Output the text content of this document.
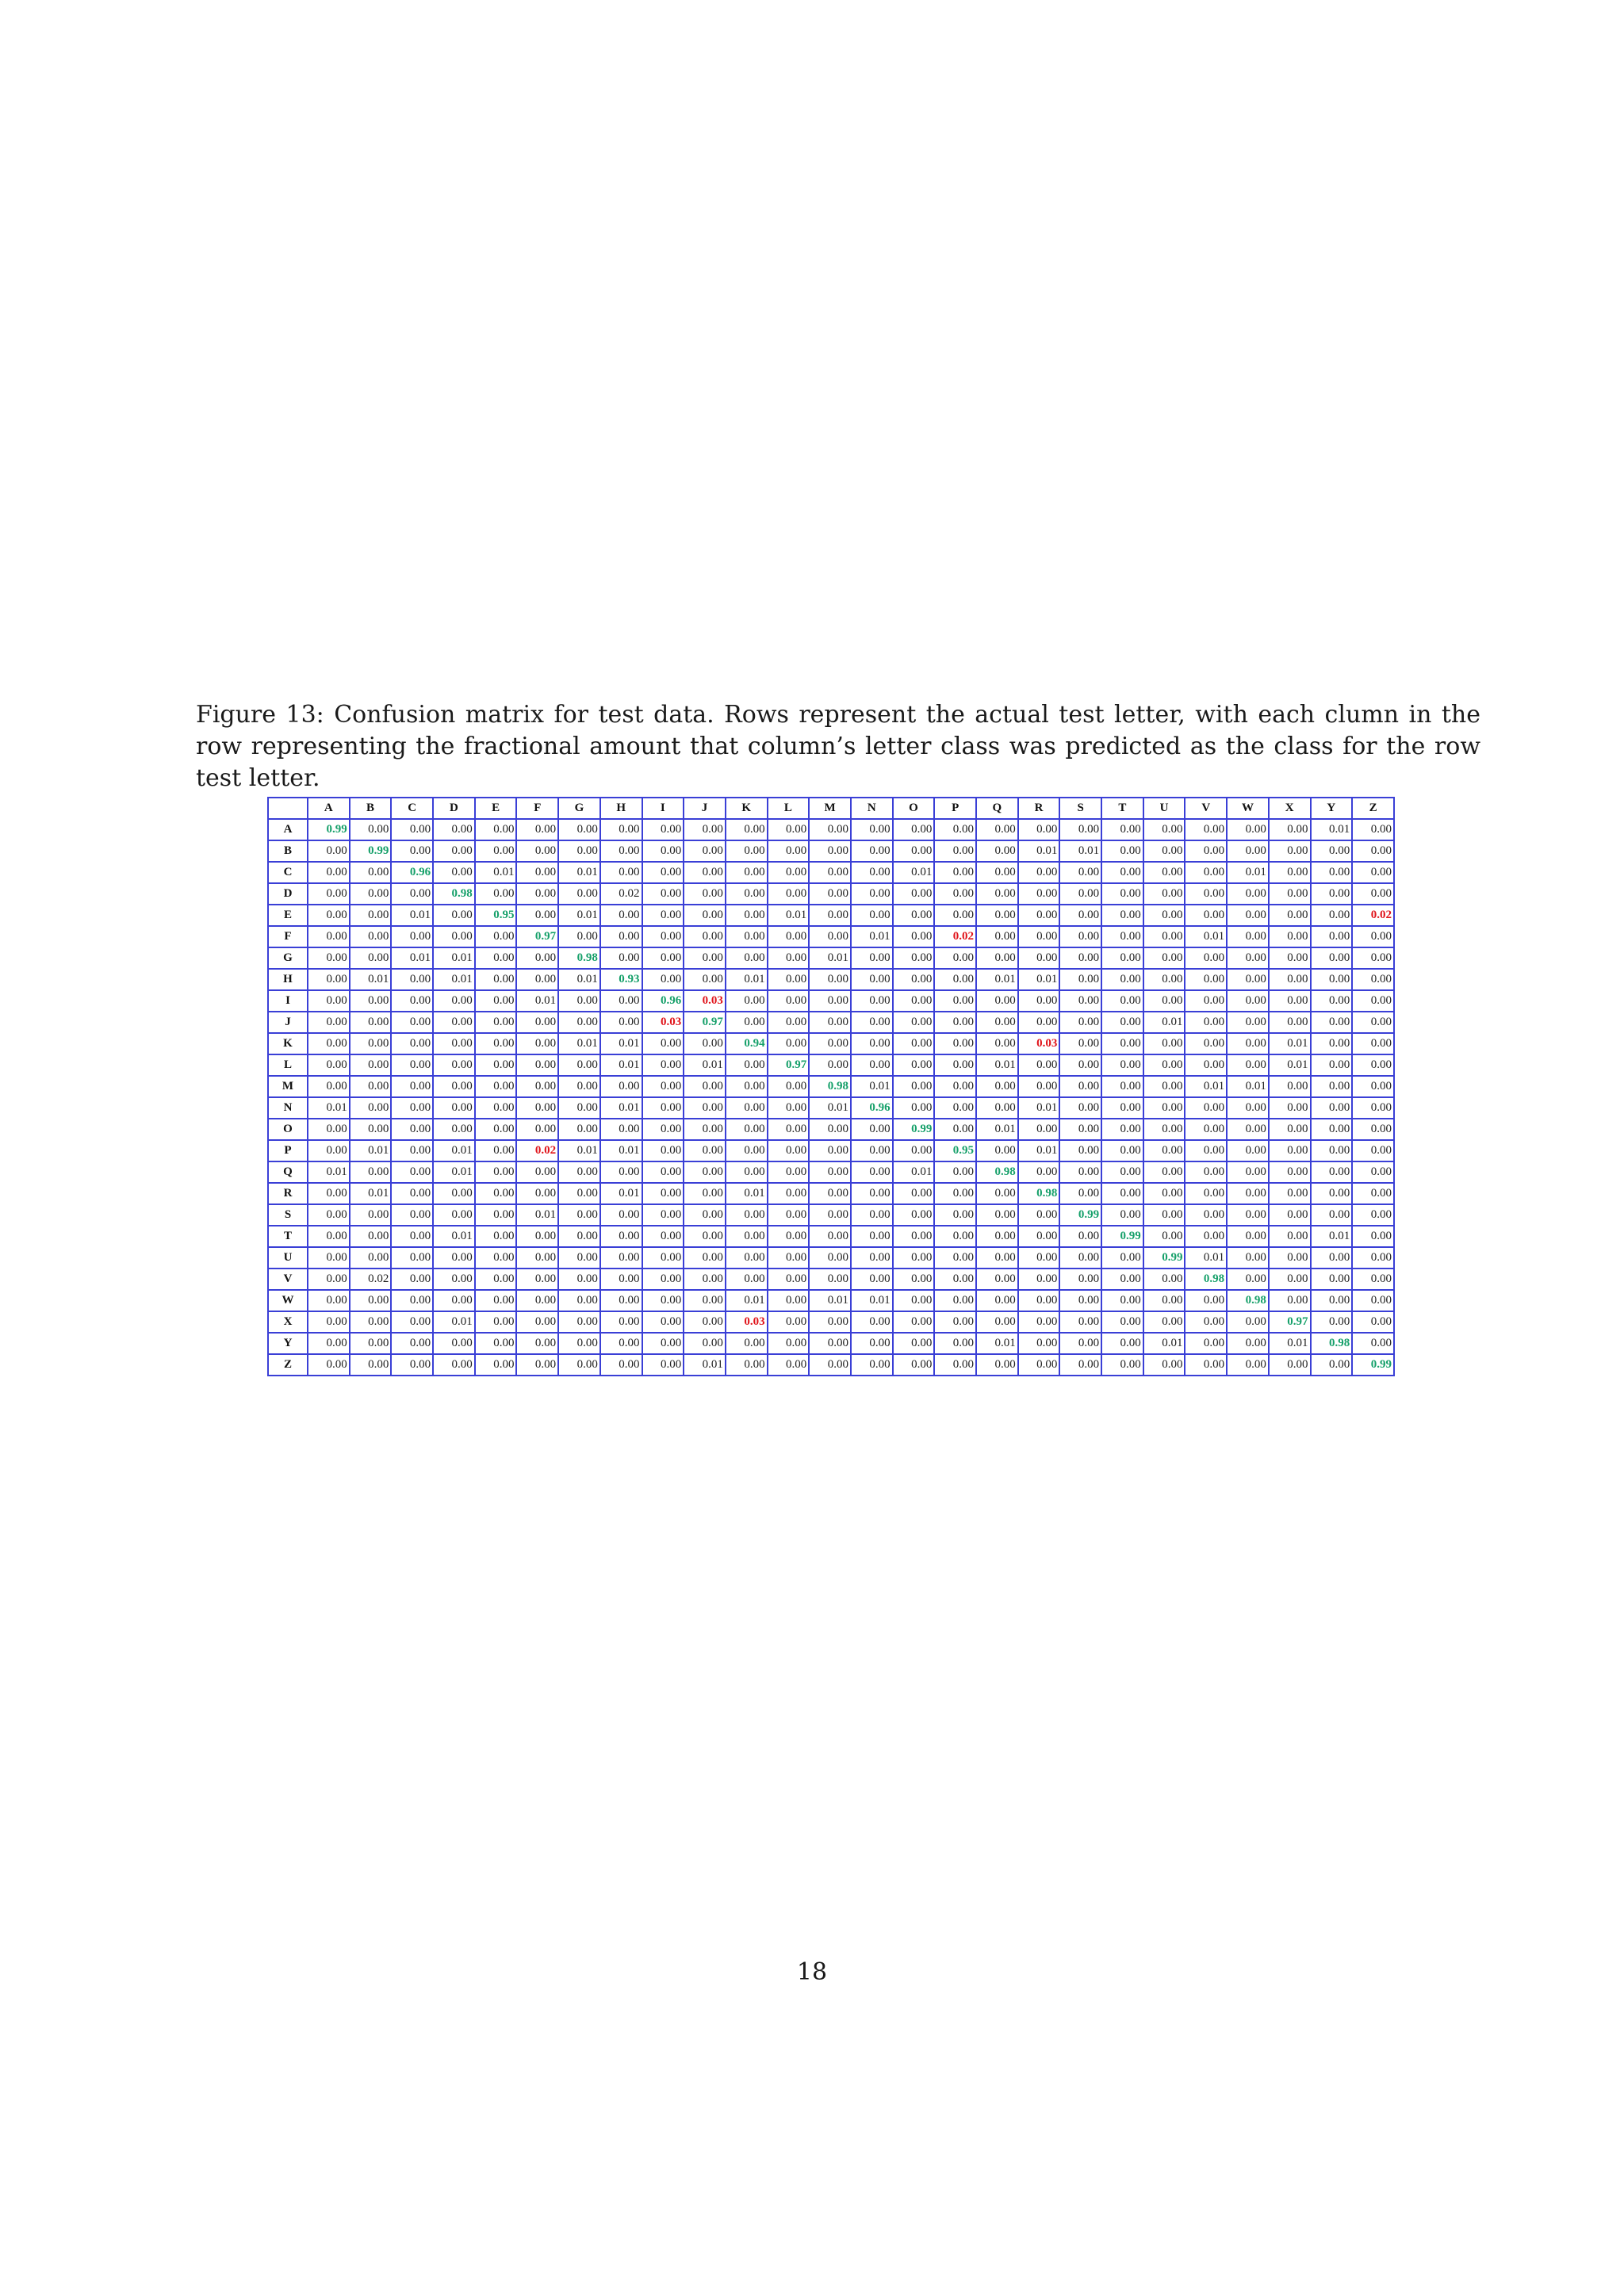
Figure 13: Confusion matrix for test data. Rows represent the actual test letter, with each clumn in the row representing the fractional amount that column’s letter class was predicted as the class for the row test letter.
	A	B	C	D	E	F	G	H	I	J	K	L	M	N	O	P	Q	R	S	T	U	V	W	X	Y	Z
A	0.99	0.00	0.00	0.00	0.00	0.00	0.00	0.00	0.00	0.00	0.00	0.00	0.00	0.00	0.00	0.00	0.00	0.00	0.00	0.00	0.00	0.00	0.00	0.00	0.01	0.00
B	0.00	0.99	0.00	0.00	0.00	0.00	0.00	0.00	0.00	0.00	0.00	0.00	0.00	0.00	0.00	0.00	0.00	0.01	0.01	0.00	0.00	0.00	0.00	0.00	0.00	0.00
C	0.00	0.00	0.96	0.00	0.01	0.00	0.01	0.00	0.00	0.00	0.00	0.00	0.00	0.00	0.01	0.00	0.00	0.00	0.00	0.00	0.00	0.00	0.01	0.00	0.00	0.00
D	0.00	0.00	0.00	0.98	0.00	0.00	0.00	0.02	0.00	0.00	0.00	0.00	0.00	0.00	0.00	0.00	0.00	0.00	0.00	0.00	0.00	0.00	0.00	0.00	0.00	0.00
E	0.00	0.00	0.01	0.00	0.95	0.00	0.01	0.00	0.00	0.00	0.00	0.01	0.00	0.00	0.00	0.00	0.00	0.00	0.00	0.00	0.00	0.00	0.00	0.00	0.00	0.02
F	0.00	0.00	0.00	0.00	0.00	0.97	0.00	0.00	0.00	0.00	0.00	0.00	0.00	0.01	0.00	0.02	0.00	0.00	0.00	0.00	0.00	0.01	0.00	0.00	0.00	0.00
G	0.00	0.00	0.01	0.01	0.00	0.00	0.98	0.00	0.00	0.00	0.00	0.00	0.01	0.00	0.00	0.00	0.00	0.00	0.00	0.00	0.00	0.00	0.00	0.00	0.00	0.00
H	0.00	0.01	0.00	0.01	0.00	0.00	0.01	0.93	0.00	0.00	0.01	0.00	0.00	0.00	0.00	0.00	0.01	0.01	0.00	0.00	0.00	0.00	0.00	0.00	0.00	0.00
I	0.00	0.00	0.00	0.00	0.00	0.01	0.00	0.00	0.96	0.03	0.00	0.00	0.00	0.00	0.00	0.00	0.00	0.00	0.00	0.00	0.00	0.00	0.00	0.00	0.00	0.00
J	0.00	0.00	0.00	0.00	0.00	0.00	0.00	0.00	0.03	0.97	0.00	0.00	0.00	0.00	0.00	0.00	0.00	0.00	0.00	0.00	0.01	0.00	0.00	0.00	0.00	0.00
K	0.00	0.00	0.00	0.00	0.00	0.00	0.01	0.01	0.00	0.00	0.94	0.00	0.00	0.00	0.00	0.00	0.00	0.03	0.00	0.00	0.00	0.00	0.00	0.01	0.00	0.00
L	0.00	0.00	0.00	0.00	0.00	0.00	0.00	0.01	0.00	0.01	0.00	0.97	0.00	0.00	0.00	0.00	0.01	0.00	0.00	0.00	0.00	0.00	0.00	0.01	0.00	0.00
M	0.00	0.00	0.00	0.00	0.00	0.00	0.00	0.00	0.00	0.00	0.00	0.00	0.98	0.01	0.00	0.00	0.00	0.00	0.00	0.00	0.00	0.01	0.01	0.00	0.00	0.00
N	0.01	0.00	0.00	0.00	0.00	0.00	0.00	0.01	0.00	0.00	0.00	0.00	0.01	0.96	0.00	0.00	0.00	0.01	0.00	0.00	0.00	0.00	0.00	0.00	0.00	0.00
O	0.00	0.00	0.00	0.00	0.00	0.00	0.00	0.00	0.00	0.00	0.00	0.00	0.00	0.00	0.99	0.00	0.01	0.00	0.00	0.00	0.00	0.00	0.00	0.00	0.00	0.00
P	0.00	0.01	0.00	0.01	0.00	0.02	0.01	0.01	0.00	0.00	0.00	0.00	0.00	0.00	0.00	0.95	0.00	0.01	0.00	0.00	0.00	0.00	0.00	0.00	0.00	0.00
Q	0.01	0.00	0.00	0.01	0.00	0.00	0.00	0.00	0.00	0.00	0.00	0.00	0.00	0.00	0.01	0.00	0.98	0.00	0.00	0.00	0.00	0.00	0.00	0.00	0.00	0.00
R	0.00	0.01	0.00	0.00	0.00	0.00	0.00	0.01	0.00	0.00	0.01	0.00	0.00	0.00	0.00	0.00	0.00	0.98	0.00	0.00	0.00	0.00	0.00	0.00	0.00	0.00
S	0.00	0.00	0.00	0.00	0.00	0.01	0.00	0.00	0.00	0.00	0.00	0.00	0.00	0.00	0.00	0.00	0.00	0.00	0.99	0.00	0.00	0.00	0.00	0.00	0.00	0.00
T	0.00	0.00	0.00	0.01	0.00	0.00	0.00	0.00	0.00	0.00	0.00	0.00	0.00	0.00	0.00	0.00	0.00	0.00	0.00	0.99	0.00	0.00	0.00	0.00	0.01	0.00
U	0.00	0.00	0.00	0.00	0.00	0.00	0.00	0.00	0.00	0.00	0.00	0.00	0.00	0.00	0.00	0.00	0.00	0.00	0.00	0.00	0.99	0.01	0.00	0.00	0.00	0.00
V	0.00	0.02	0.00	0.00	0.00	0.00	0.00	0.00	0.00	0.00	0.00	0.00	0.00	0.00	0.00	0.00	0.00	0.00	0.00	0.00	0.00	0.98	0.00	0.00	0.00	0.00
W	0.00	0.00	0.00	0.00	0.00	0.00	0.00	0.00	0.00	0.00	0.01	0.00	0.01	0.01	0.00	0.00	0.00	0.00	0.00	0.00	0.00	0.00	0.98	0.00	0.00	0.00
X	0.00	0.00	0.00	0.01	0.00	0.00	0.00	0.00	0.00	0.00	0.03	0.00	0.00	0.00	0.00	0.00	0.00	0.00	0.00	0.00	0.00	0.00	0.00	0.97	0.00	0.00
Y	0.00	0.00	0.00	0.00	0.00	0.00	0.00	0.00	0.00	0.00	0.00	0.00	0.00	0.00	0.00	0.00	0.01	0.00	0.00	0.00	0.01	0.00	0.00	0.01	0.98	0.00
Z	0.00	0.00	0.00	0.00	0.00	0.00	0.00	0.00	0.00	0.01	0.00	0.00	0.00	0.00	0.00	0.00	0.00	0.00	0.00	0.00	0.00	0.00	0.00	0.00	0.00	0.99
18
